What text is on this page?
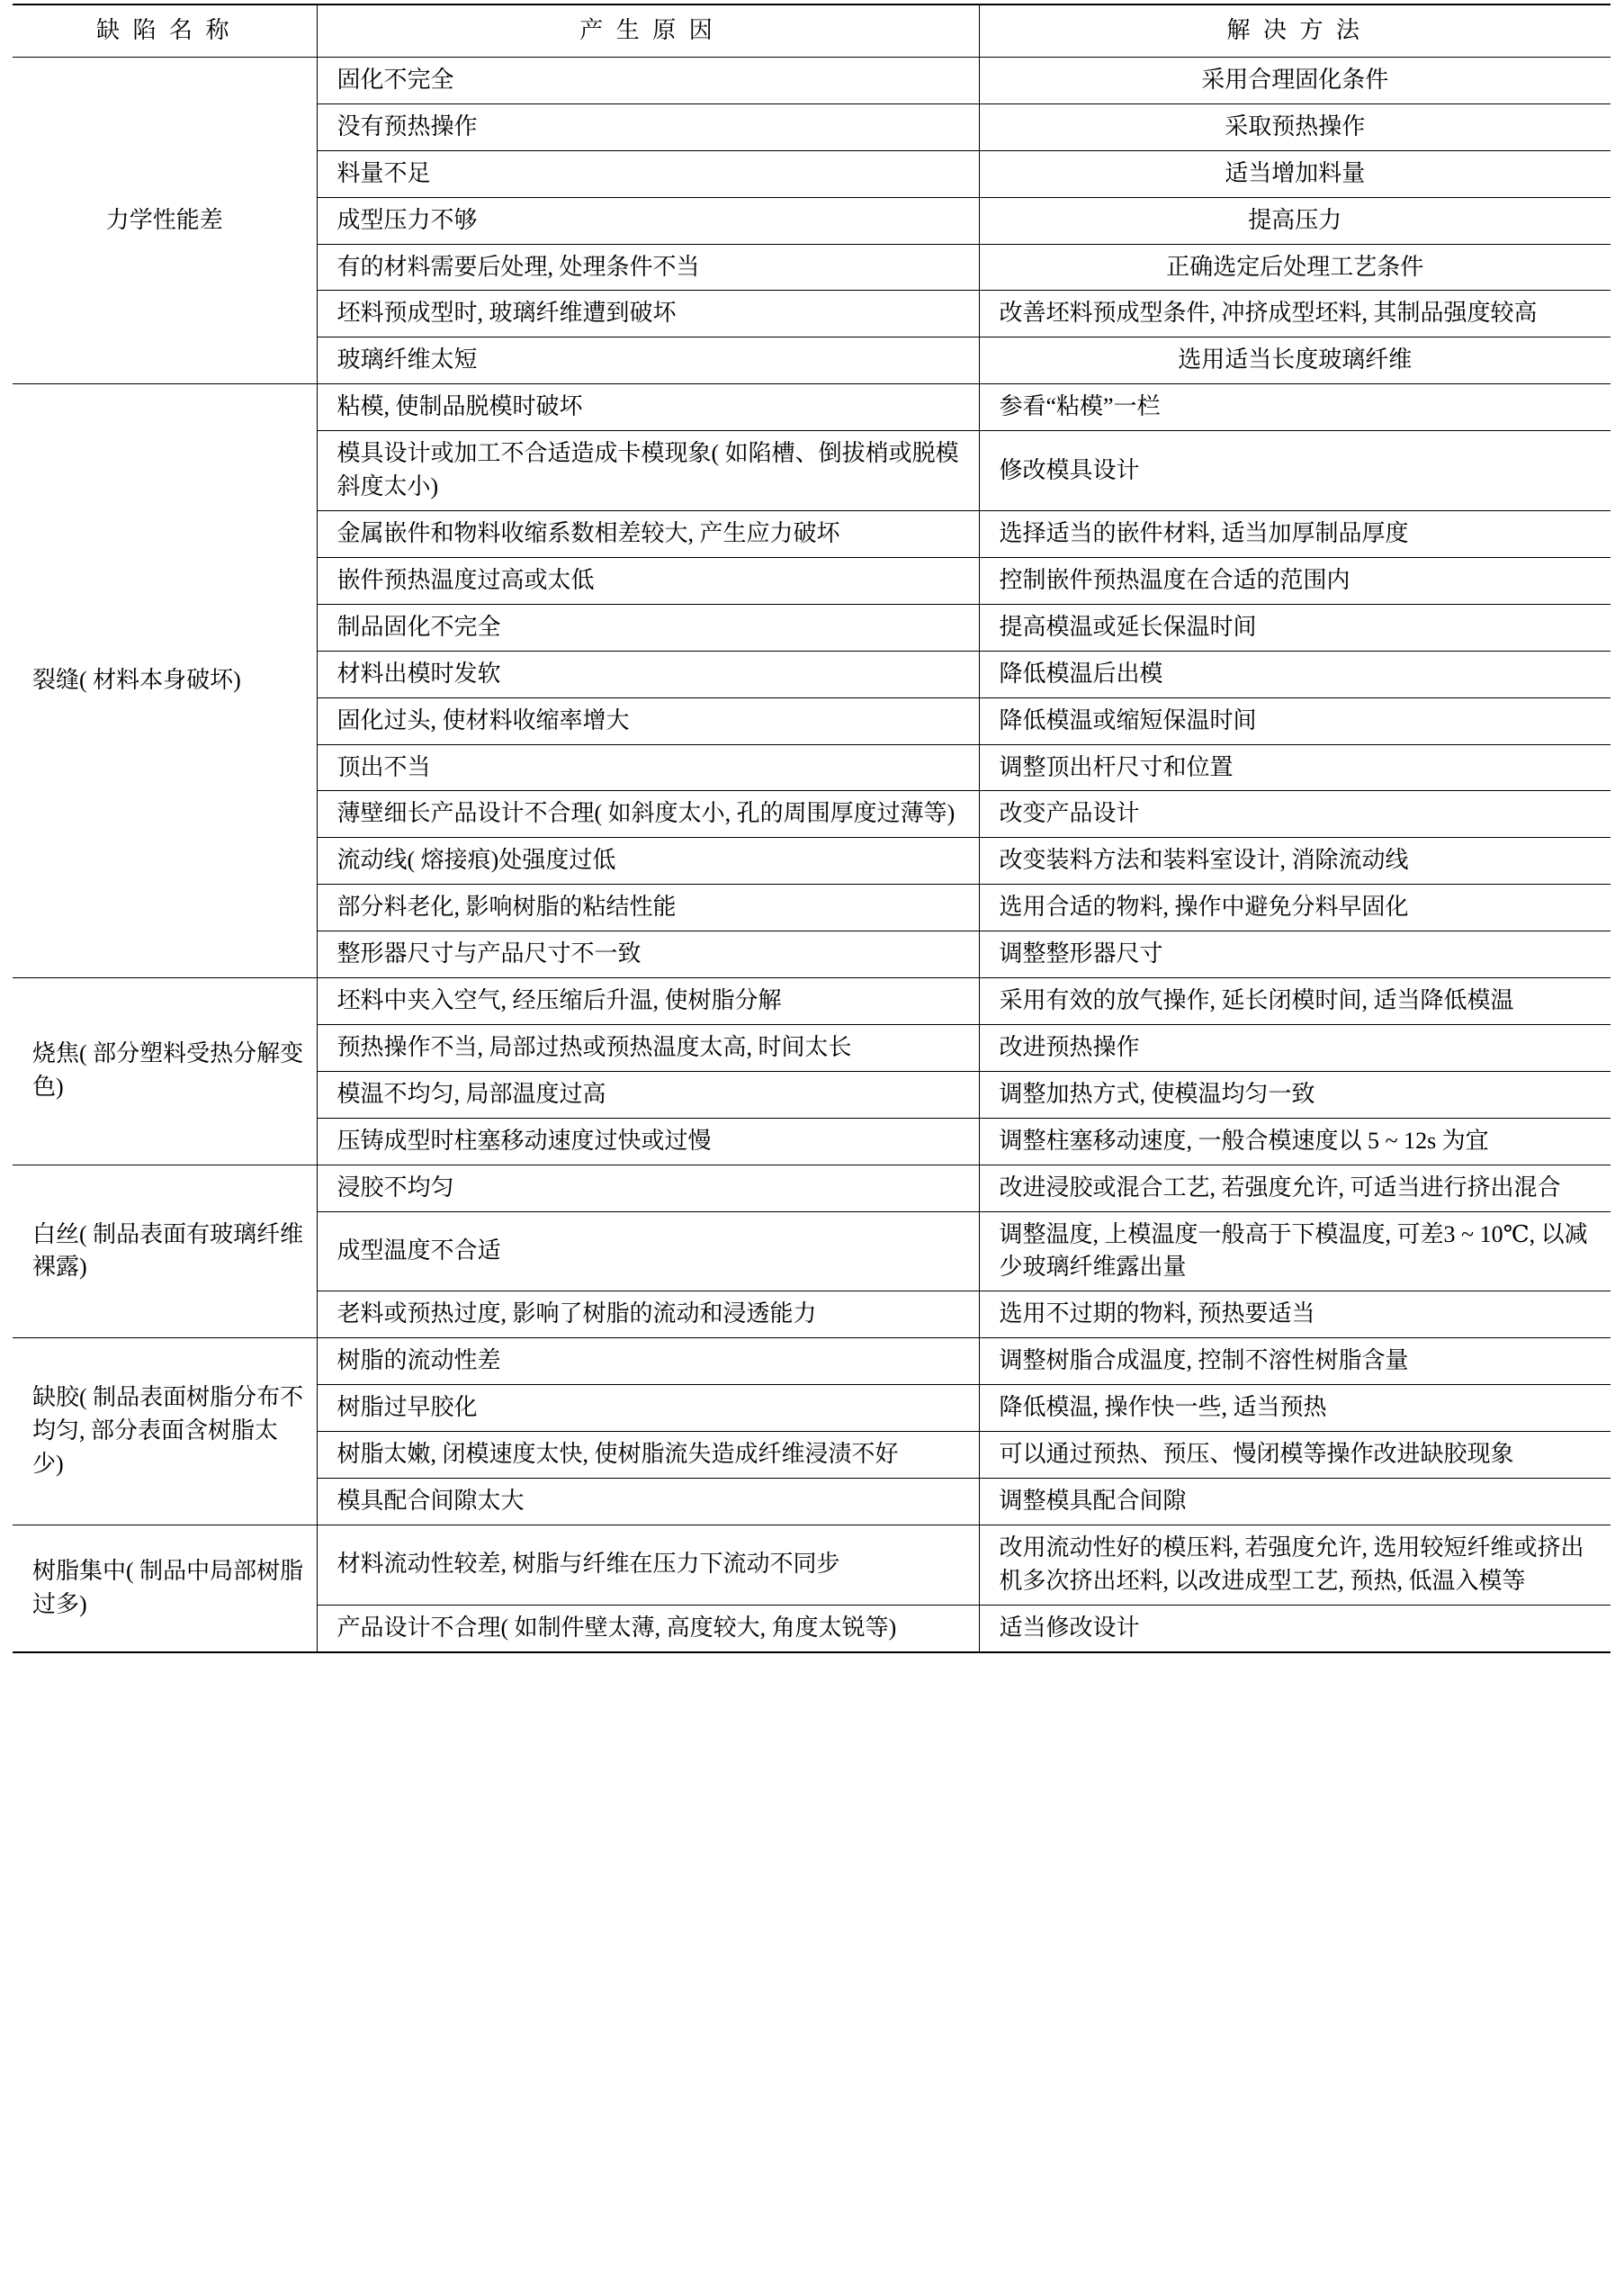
缺 陷 名 称	产 生 原 因	解 决 方 法
力学性能差	固化不完全	采用合理固化条件
	没有预热操作	采取预热操作
	料量不足	适当增加料量
	成型压力不够	提高压力
	有的材料需要后处理, 处理条件不当	正确选定后处理工艺条件
	坯料预成型时, 玻璃纤维遭到破坏	改善坯料预成型条件, 冲挤成型坯料, 其制品强度较高
	玻璃纤维太短	选用适当长度玻璃纤维
裂缝( 材料本身破坏)	粘模, 使制品脱模时破坏	参看“粘模”一栏
	模具设计或加工不合适造成卡模现象( 如陷槽、倒拔梢或脱模斜度太小)	修改模具设计
	金属嵌件和物料收缩系数相差较大, 产生应力破坏	选择适当的嵌件材料, 适当加厚制品厚度
	嵌件预热温度过高或太低	控制嵌件预热温度在合适的范围内
	制品固化不完全	提高模温或延长保温时间
	材料出模时发软	降低模温后出模
	固化过头, 使材料收缩率增大	降低模温或缩短保温时间
	顶出不当	调整顶出杆尺寸和位置
	薄壁细长产品设计不合理( 如斜度太小, 孔的周围厚度过薄等)	改变产品设计
	流动线( 熔接痕)处强度过低	改变装料方法和装料室设计, 消除流动线
	部分料老化, 影响树脂的粘结性能	选用合适的物料, 操作中避免分料早固化
	整形器尺寸与产品尺寸不一致	调整整形器尺寸
烧焦( 部分塑料受热分解变色)	坯料中夹入空气, 经压缩后升温, 使树脂分解	采用有效的放气操作, 延长闭模时间, 适当降低模温
	预热操作不当, 局部过热或预热温度太高, 时间太长	改进预热操作
	模温不均匀, 局部温度过高	调整加热方式, 使模温均匀一致
	压铸成型时柱塞移动速度过快或过慢	调整柱塞移动速度, 一般合模速度以 5 ~ 12s 为宜
白丝( 制品表面有玻璃纤维裸露)	浸胶不均匀	改进浸胶或混合工艺, 若强度允许, 可适当进行挤出混合
	成型温度不合适	调整温度, 上模温度一般高于下模温度, 可差3 ~ 10℃, 以减少玻璃纤维露出量
	老料或预热过度, 影响了树脂的流动和浸透能力	选用不过期的物料, 预热要适当
缺胶( 制品表面树脂分布不均匀, 部分表面含树脂太少)	树脂的流动性差	调整树脂合成温度, 控制不溶性树脂含量
	树脂过早胶化	降低模温, 操作快一些, 适当预热
	树脂太嫩, 闭模速度太快, 使树脂流失造成纤维浸渍不好	可以通过预热、预压、慢闭模等操作改进缺胶现象
	模具配合间隙太大	调整模具配合间隙
树脂集中( 制品中局部树脂过多)	材料流动性较差, 树脂与纤维在压力下流动不同步	改用流动性好的模压料, 若强度允许, 选用较短纤维或挤出机多次挤出坯料, 以改进成型工艺, 预热, 低温入模等
	产品设计不合理( 如制件壁太薄, 高度较大, 角度太锐等)	适当修改设计
